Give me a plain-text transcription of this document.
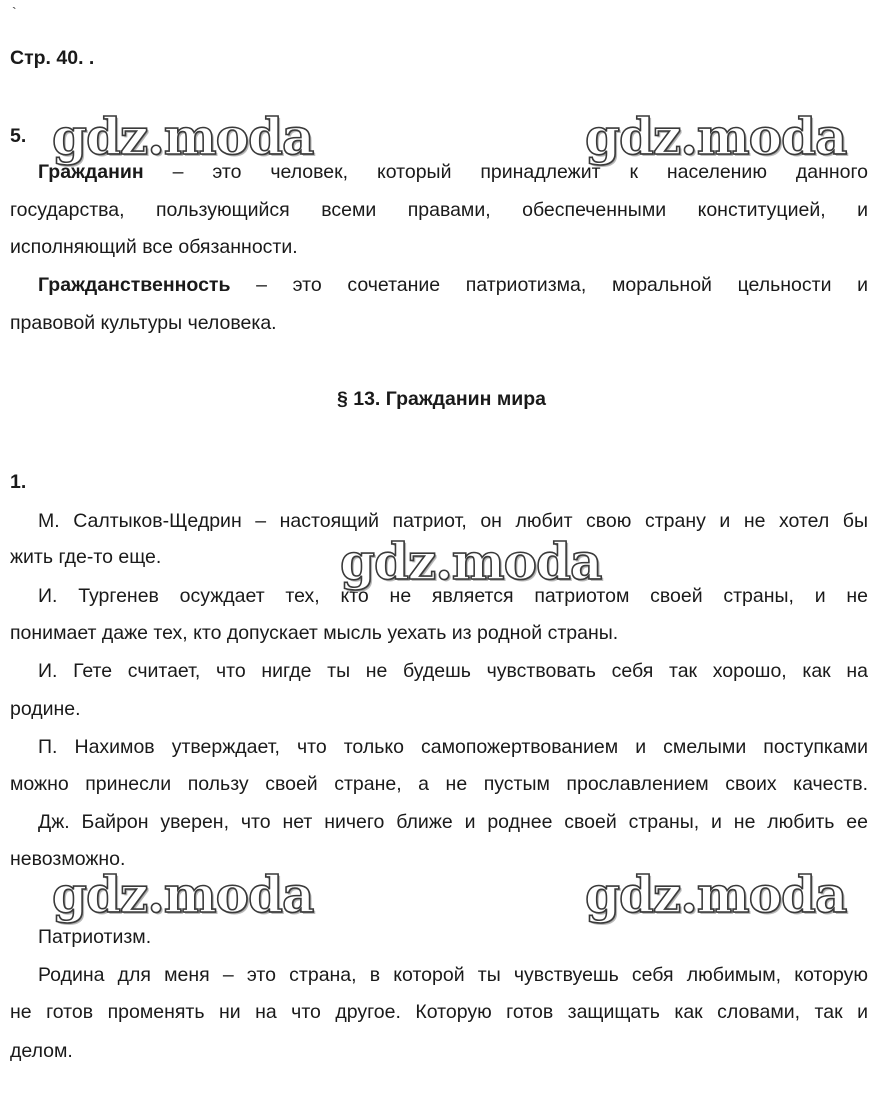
`
Стр. 40. .
5.
Гражданин – это человек, который принадлежит к населению данного
государства, пользующийся всеми правами, обеспеченными конституцией, и
исполняющий все обязанности.
Гражданственность – это сочетание патриотизма, моральной цельности и
правовой культуры человека.
§ 13. Гражданин мира
1.
М. Салтыков-Щедрин – настоящий патриот, он любит свою страну и не хотел бы
жить где-то еще.
И. Тургенев осуждает тех, кто не является патриотом своей страны, и не
понимает даже тех, кто допускает мысль уехать из родной страны.
И. Гете считает, что нигде ты не будешь чувствовать себя так хорошо, как на
родине.
П. Нахимов утверждает, что только самопожертвованием и смелыми поступками
можно принесли пользу своей стране, а не пустым прославлением своих качеств.
Дж. Байрон уверен, что нет ничего ближе и роднее своей страны, и не любить ее
невозможно.
Патриотизм.
Родина для меня – это страна, в которой ты чувствуешь себя любимым, которую
не готов променять ни на что другое. Которую готов защищать как словами, так и
делом.
gdz.moda	gdz.moda
gdz.moda
gdz.moda	gdz.moda
